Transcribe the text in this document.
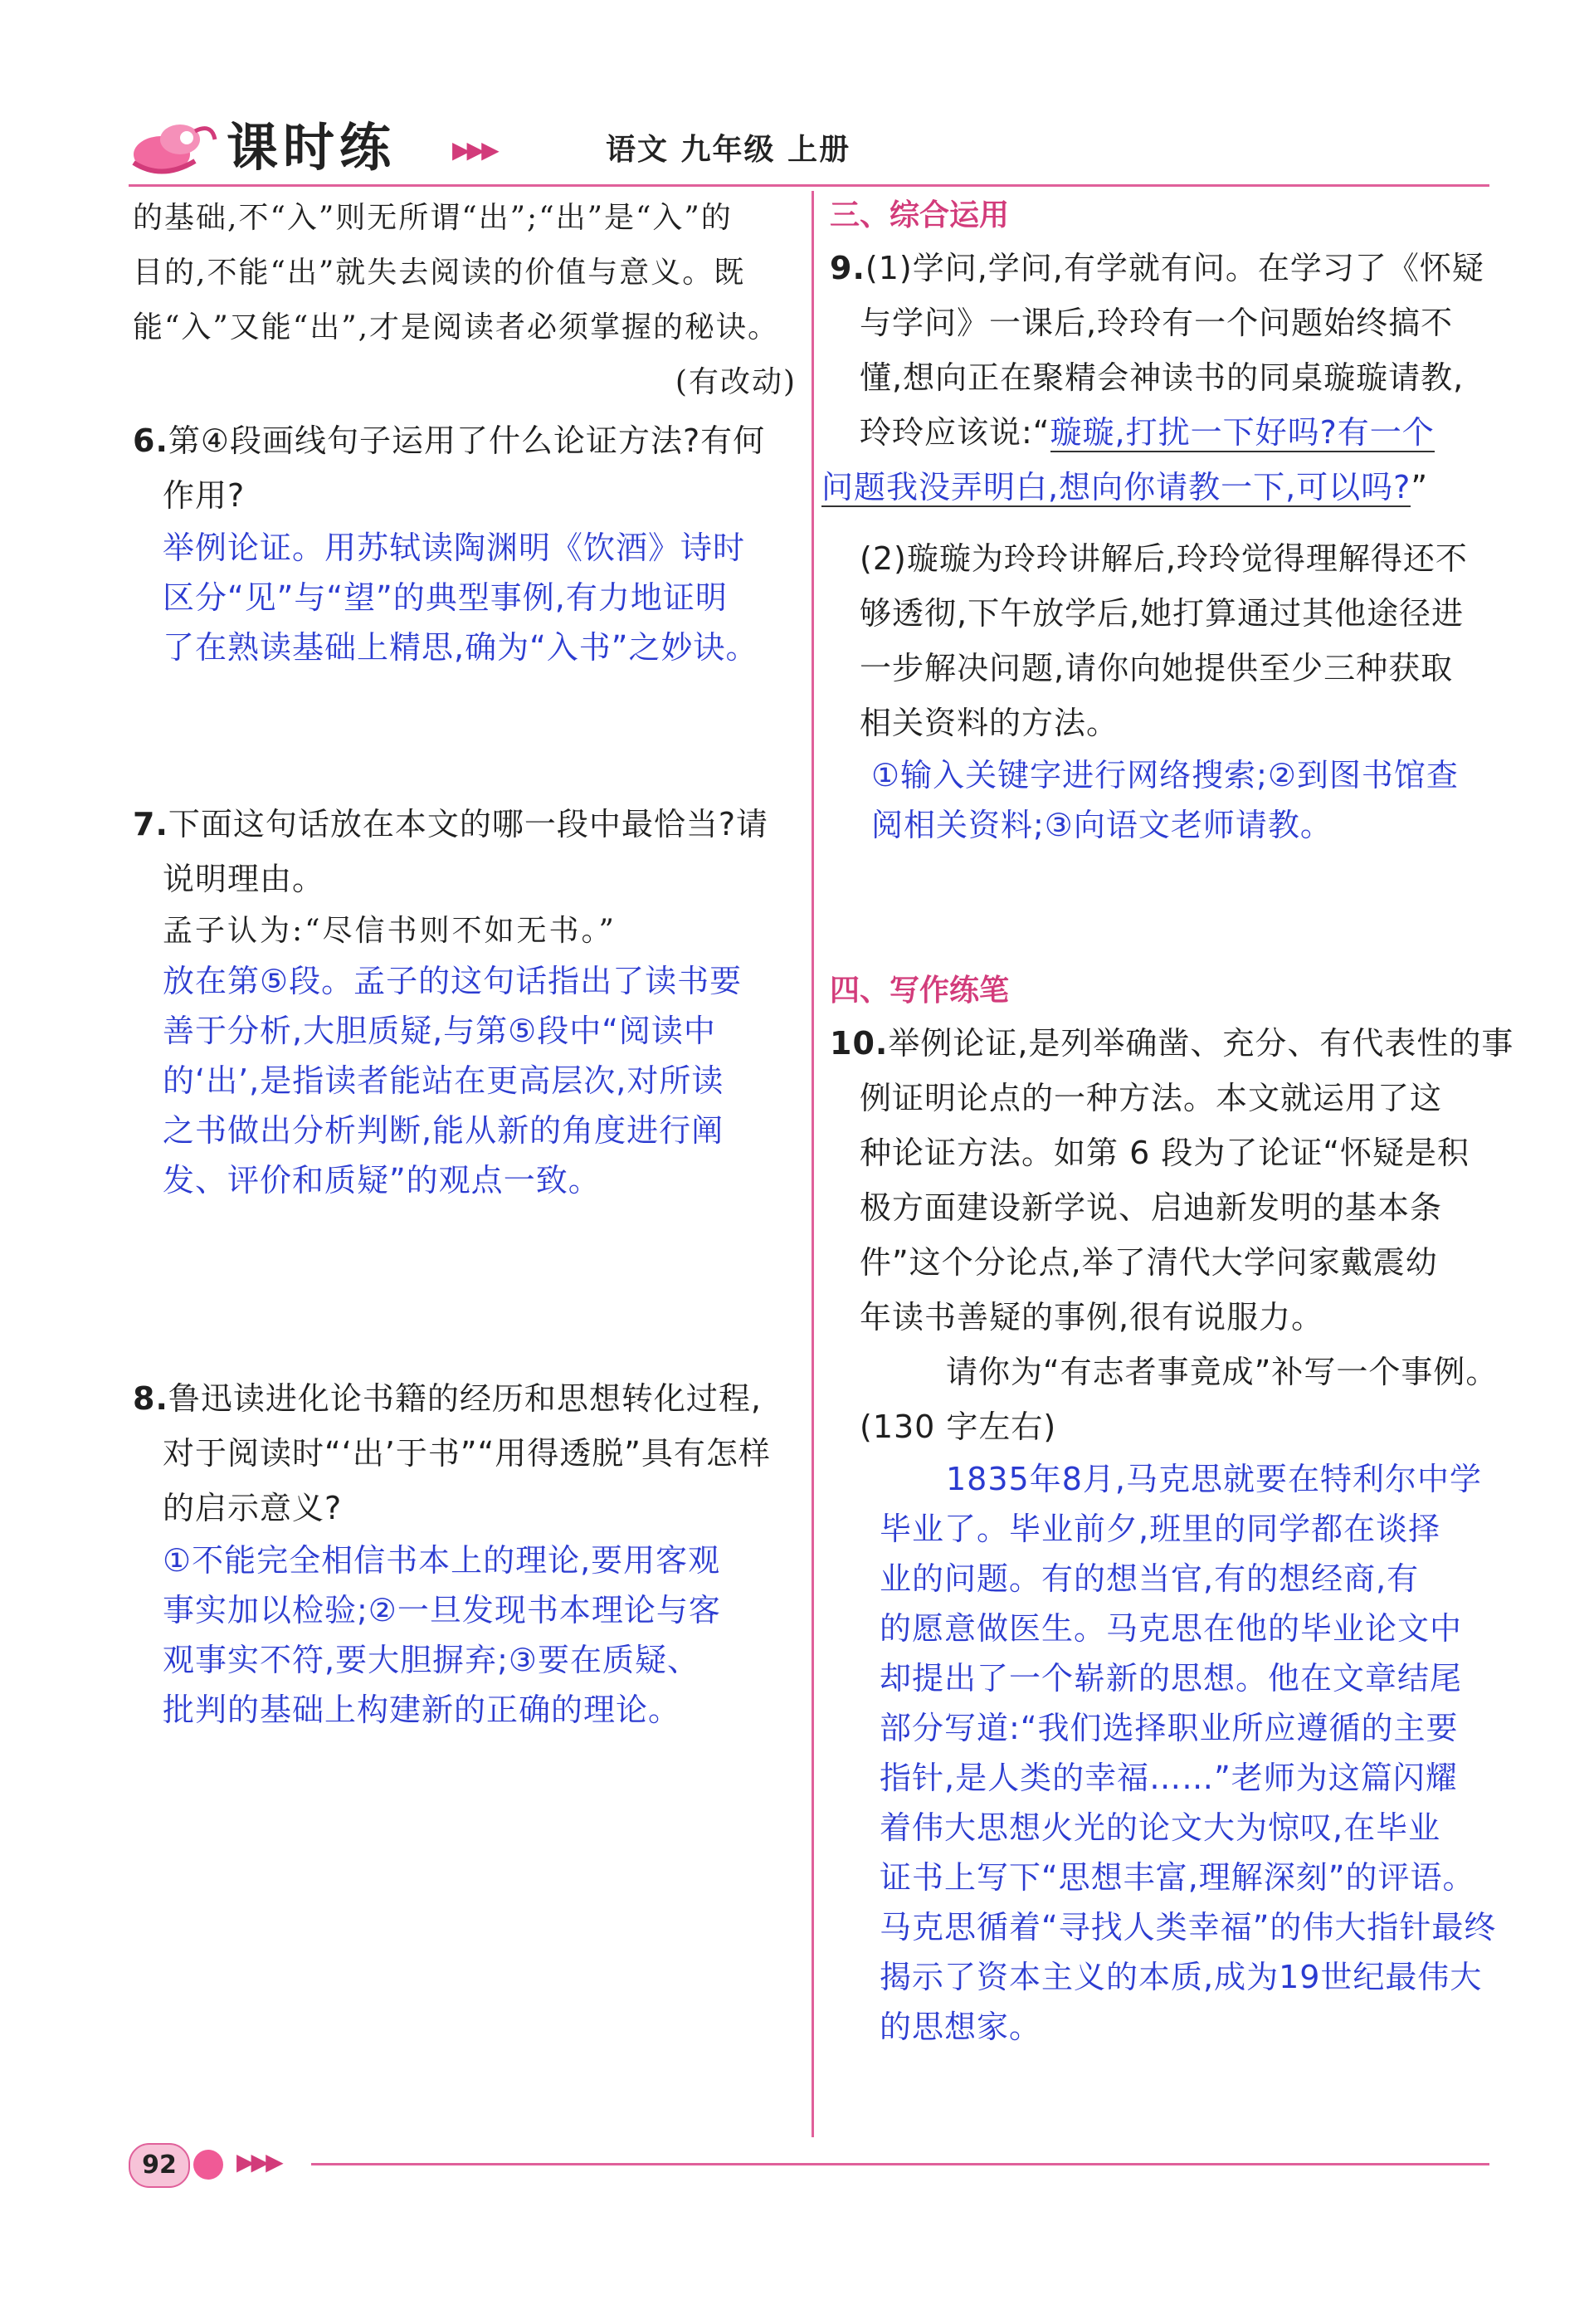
课时练 ▶▶▶	语文 九年级 上册

的基础,不“入”则无所谓“出”;“出”是“入”的

目的,不能“出”就失去阅读的价值与意义。既

能“入”又能“出”,才是阅读者必须掌握的秘诀。

(有改动)

6.第④段画线句子运用了什么论证方法?有何

作用?

举例论证。用苏轼读陶渊明《饮酒》诗时

区分“见”与“望”的典型事例,有力地证明

了在熟读基础上精思,确为“入书”之妙诀。

7.下面这句话放在本文的哪一段中最恰当?请

说明理由。

孟子认为:“尽信书则不如无书。”

放在第⑤段。孟子的这句话指出了读书要

善于分析,大胆质疑,与第⑤段中“阅读中

的‘出’,是指读者能站在更高层次,对所读

之书做出分析判断,能从新的角度进行阐

发、评价和质疑”的观点一致。

8.鲁迅读进化论书籍的经历和思想转化过程,

对于阅读时“‘出’于书”“用得透脱”具有怎样

的启示意义?

①不能完全相信书本上的理论,要用客观

事实加以检验;②一旦发现书本理论与客

观事实不符,要大胆摒弃;③要在质疑、

批判的基础上构建新的正确的理论。

三、综合运用

9.(1)学问,学问,有学就有问。在学习了《怀疑

与学问》一课后,玲玲有一个问题始终搞不

懂,想向正在聚精会神读书的同桌璇璇请教,

玲玲应该说:“璇璇,打扰一下好吗?有一个

问题我没弄明白,想向你请教一下,可以吗?”

(2)璇璇为玲玲讲解后,玲玲觉得理解得还不

够透彻,下午放学后,她打算通过其他途径进

一步解决问题,请你向她提供至少三种获取

相关资料的方法。

①输入关键字进行网络搜索;②到图书馆查

阅相关资料;③向语文老师请教。

四、写作练笔

10.举例论证,是列举确凿、充分、有代表性的事

例证明论点的一种方法。本文就运用了这

种论证方法。如第 6 段为了论证“怀疑是积

极方面建设新学说、启迪新发明的基本条

件”这个分论点,举了清代大学问家戴震幼

年读书善疑的事例,很有说服力。

请你为“有志者事竟成”补写一个事例。

(130 字左右)

1835年8月,马克思就要在特利尔中学

毕业了。毕业前夕,班里的同学都在谈择

业的问题。有的想当官,有的想经商,有

的愿意做医生。马克思在他的毕业论文中

却提出了一个崭新的思想。他在文章结尾

部分写道:“我们选择职业所应遵循的主要

指针,是人类的幸福……”老师为这篇闪耀

着伟大思想火光的论文大为惊叹,在毕业

证书上写下“思想丰富,理解深刻”的评语。

马克思循着“寻找人类幸福”的伟大指针最终

揭示了资本主义的本质,成为19世纪最伟大

的思想家。

92	▶▶▶
